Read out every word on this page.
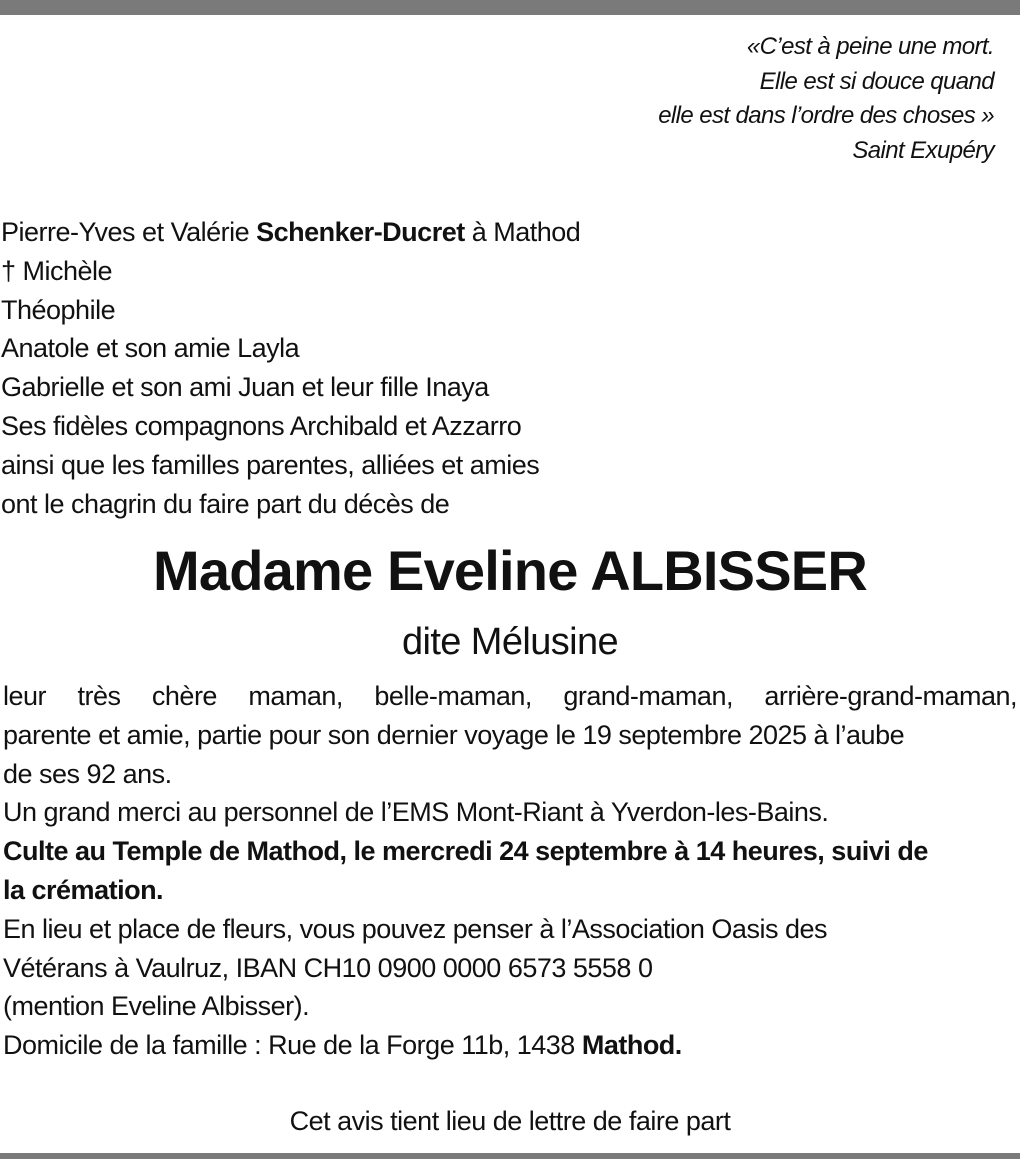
«C’est à peine une mort.
Elle est si douce quand
elle est dans l’ordre des choses »
Saint Exupéry
Pierre-Yves et Valérie Schenker-Ducret à Mathod
† Michèle
Théophile
Anatole et son amie Layla
Gabrielle et son ami Juan et leur fille Inaya
Ses fidèles compagnons Archibald et Azzarro
ainsi que les familles parentes, alliées et amies
ont le chagrin du faire part du décès de
Madame Eveline ALBISSER
dite Mélusine
leur très chère maman, belle-maman, grand-maman, arrière-grand-maman,
parente et amie, partie pour son dernier voyage le 19 septembre 2025 à l’aube
de ses 92 ans.
Un grand merci au personnel de l’EMS Mont-Riant à Yverdon-les-Bains.
Culte au Temple de Mathod, le mercredi 24 septembre à 14 heures, suivi de
la crémation.
En lieu et place de fleurs, vous pouvez penser à l’Association Oasis des
Vétérans à Vaulruz, IBAN CH10 0900 0000 6573 5558 0
(mention Eveline Albisser).
Domicile de la famille : Rue de la Forge 11b, 1438 Mathod.
Cet avis tient lieu de lettre de faire part
